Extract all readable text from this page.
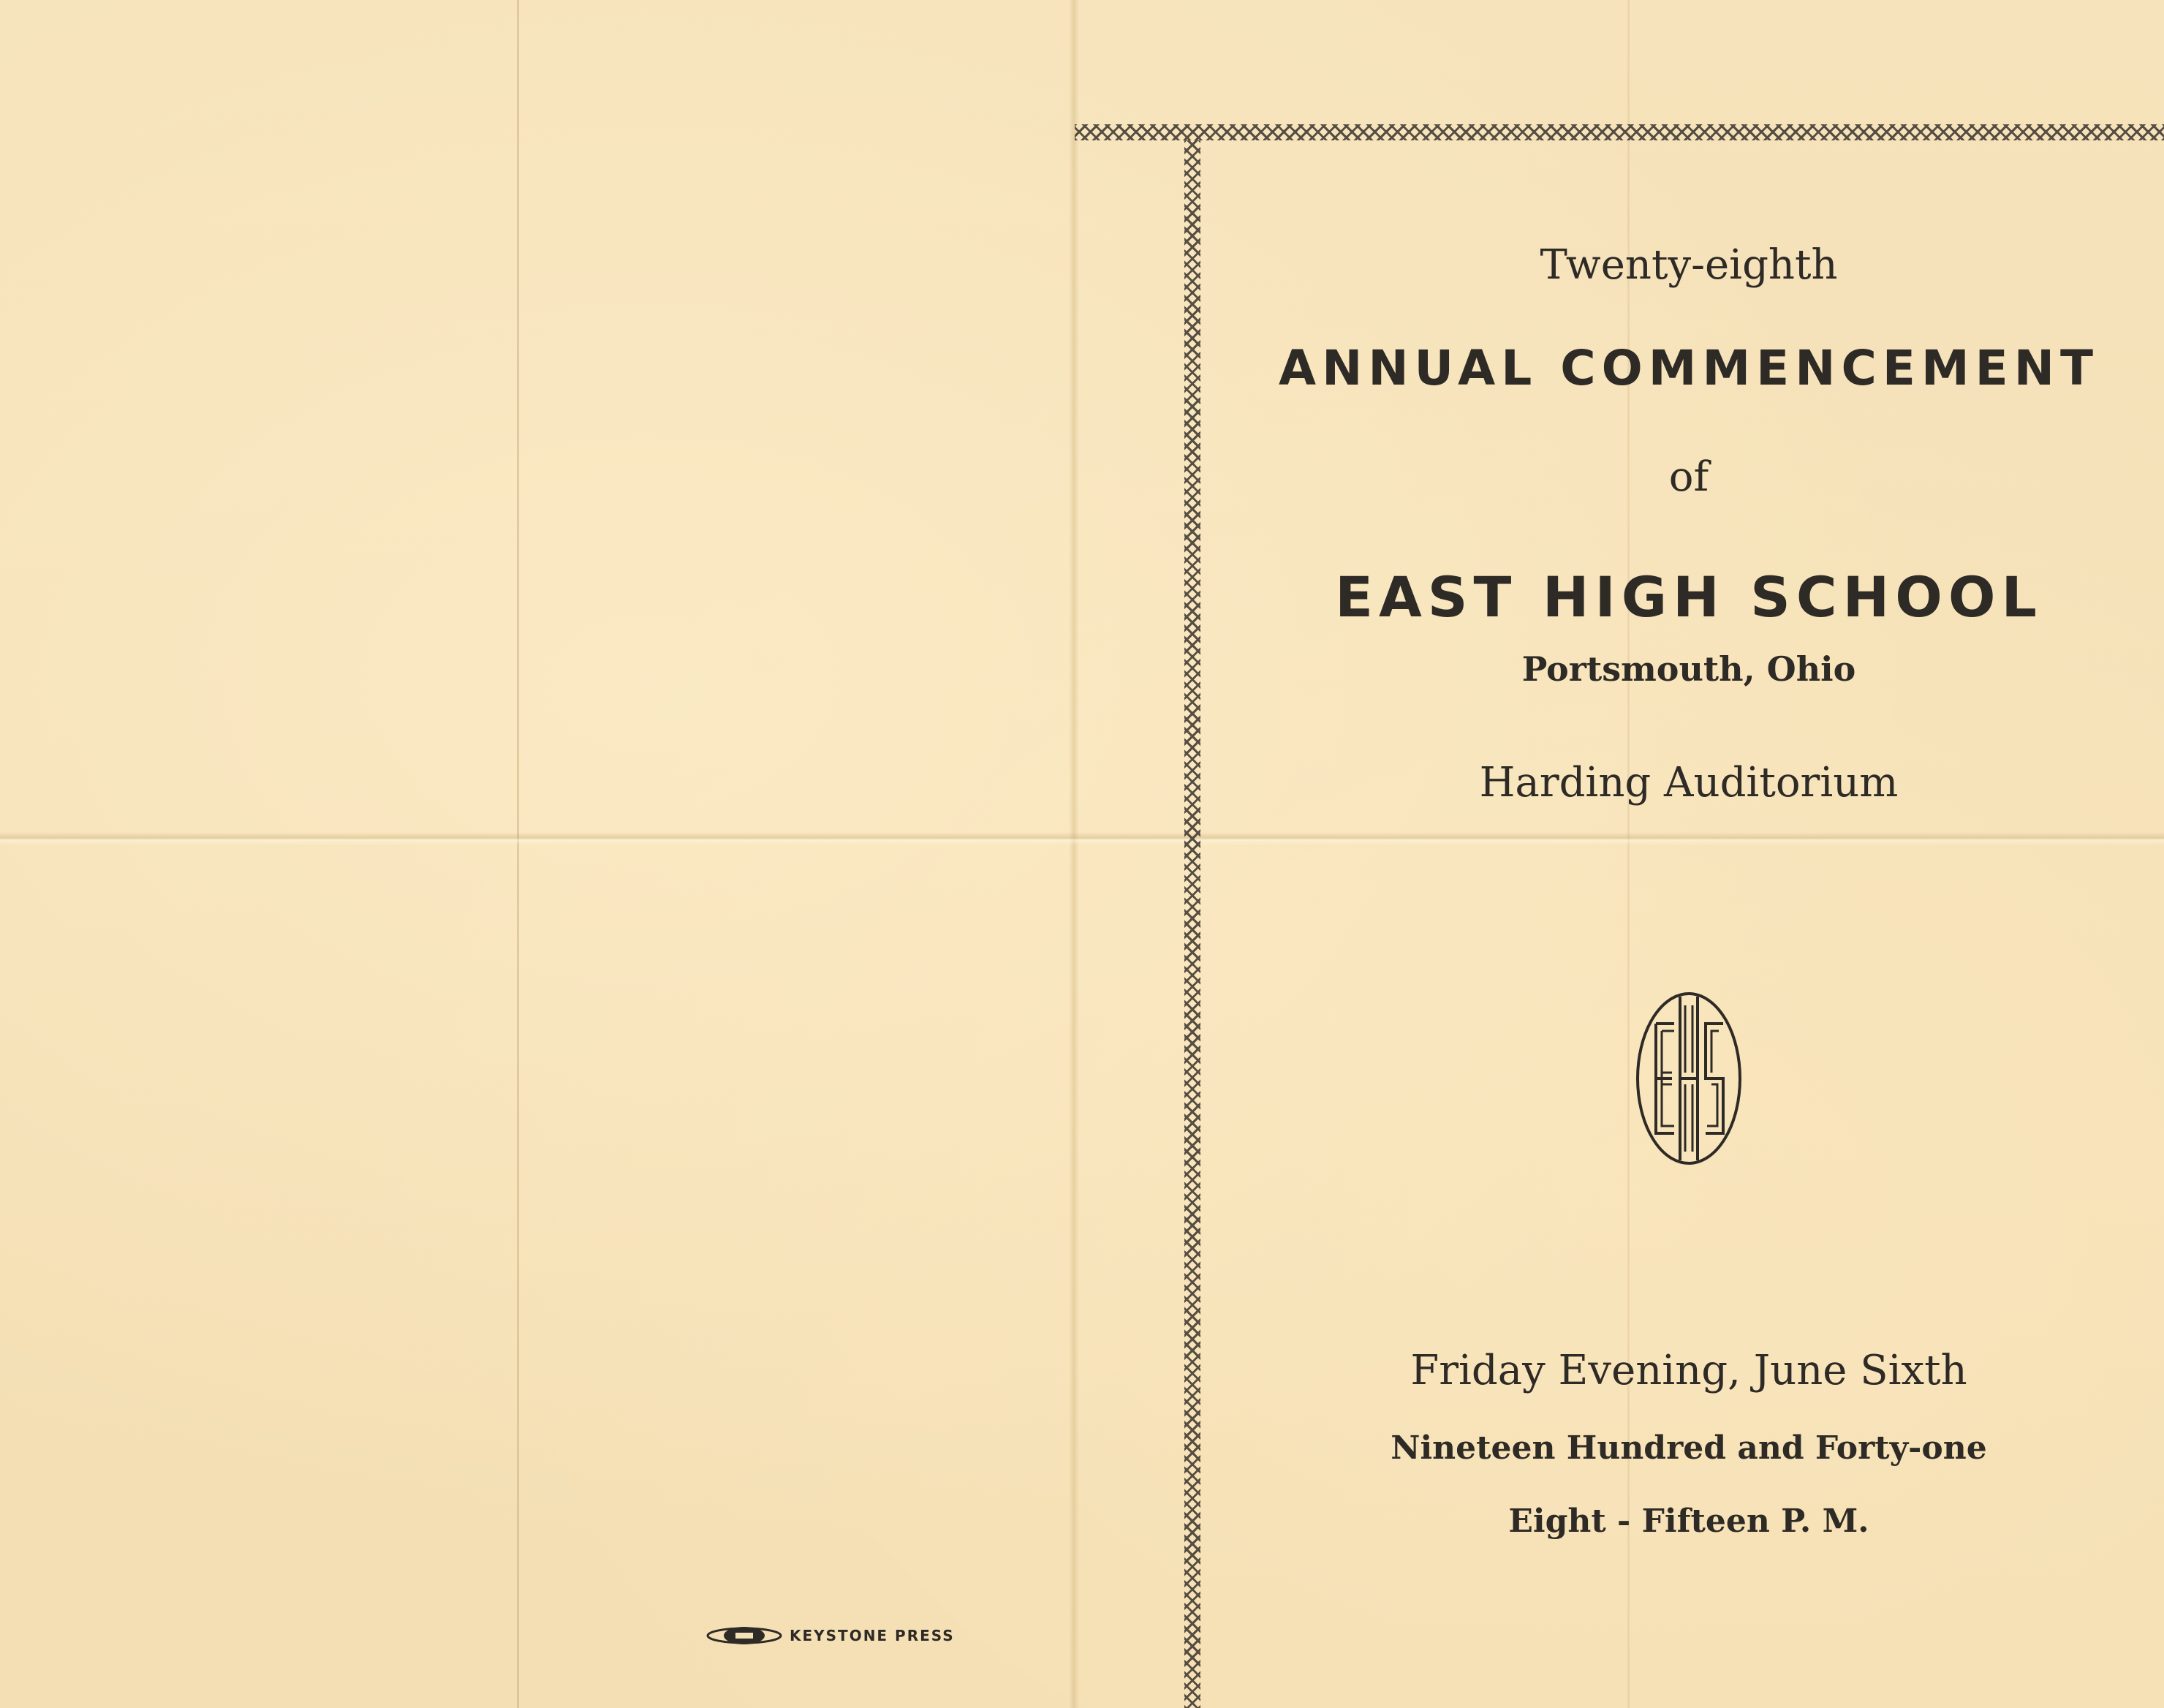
KEYSTONE PRESS
Twenty-eighth
ANNUAL COMMENCEMENT
of
EAST HIGH SCHOOL
Portsmouth, Ohio
Harding Auditorium
Friday Evening, June Sixth
Nineteen Hundred and Forty-one
Eight - Fifteen P. M.
